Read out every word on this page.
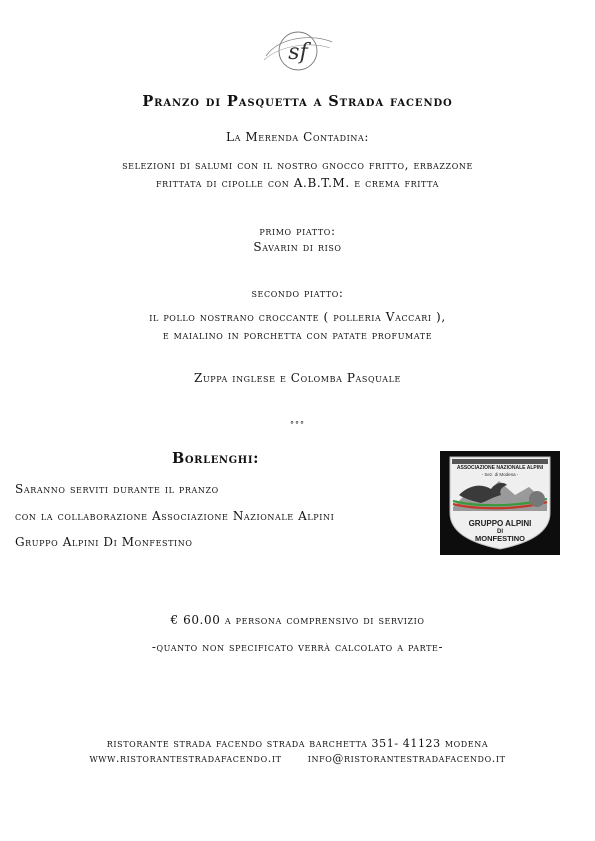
sf
Pranzo di Pasquetta a Strada facendo
La Merenda Contadina:
selezioni di salumi con il nostro gnocco fritto, erbazzone
frittata di cipolle con A.B.T.M. e crema fritta
primo piatto:
Savarin di riso
secondo piatto:
il pollo nostrano croccante ( polleria Vaccari ),
e maialino in porchetta con patate profumate
Zuppa inglese e Colomba Pasquale
°°°
Borlenghi:
Saranno serviti durante il pranzo
con la collaborazione Associazione Nazionale Alpini
Gruppo Alpini Di Monfestino
ASSOCIAZIONE NAZIONALE ALPINI
- Sez. di Modena -
GRUPPO ALPINI
DI
MONFESTINO
€ 60.00 a persona comprensivo di servizio
-quanto non specificato verrà calcolato a parte-
ristorante strada facendo strada barchetta 351- 41123 modena
www.ristorantestradafacendo.it info@ristorantestradafacendo.it
